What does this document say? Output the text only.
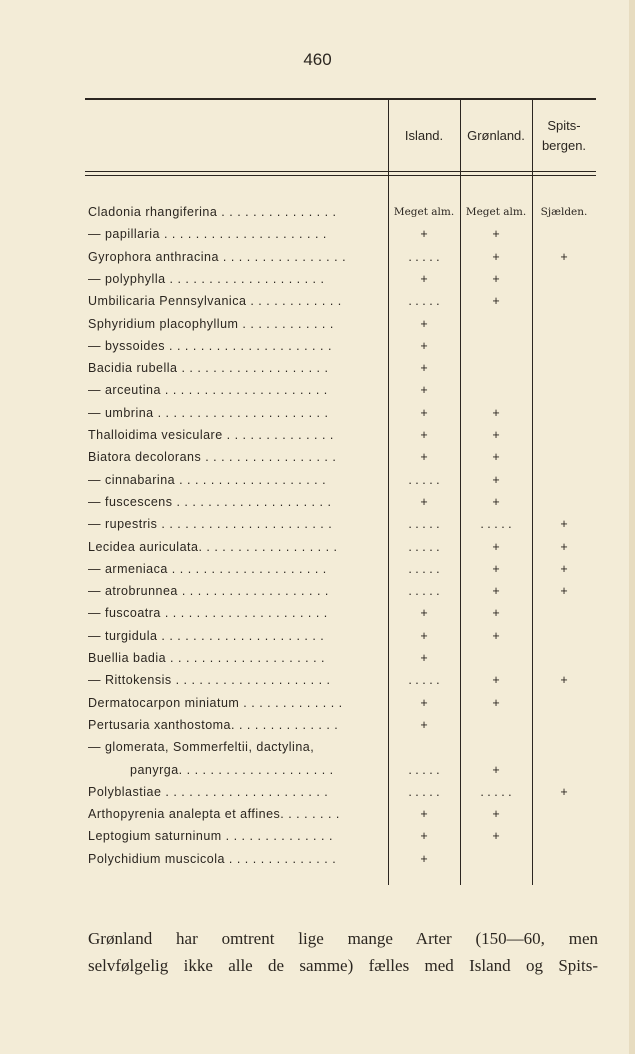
460
Island.	Grønland.
Spits-
bergen.
Cladonia rhangiferina . . . . . . . . . . . . . . .	Meget alm.	Meget alm.	Sjælden.
— papillaria . . . . . . . . . . . . . . . . . . . . .	+	+
Gyrophora anthracina . . . . . . . . . . . . . . . .	. . . . .	+	+
— polyphylla . . . . . . . . . . . . . . . . . . . .	+	+
Umbilicaria Pennsylvanica . . . . . . . . . . . .	. . . . .	+
Sphyridium placophyllum . . . . . . . . . . . .	+
— byssoides . . . . . . . . . . . . . . . . . . . . .	+
Bacidia rubella . . . . . . . . . . . . . . . . . . .	+
— arceutina . . . . . . . . . . . . . . . . . . . . .	+
— umbrina . . . . . . . . . . . . . . . . . . . . . .	+	+
Thalloidima vesiculare . . . . . . . . . . . . . .	+	+
Biatora decolorans . . . . . . . . . . . . . . . . .	+	+
— cinnabarina . . . . . . . . . . . . . . . . . . .	. . . . .	+
— fuscescens . . . . . . . . . . . . . . . . . . . .	+	+
— rupestris . . . . . . . . . . . . . . . . . . . . . .	. . . . .	. . . . .	+
Lecidea auriculata. . . . . . . . . . . . . . . . . .	. . . . .	+	+
— armeniaca . . . . . . . . . . . . . . . . . . . .	. . . . .	+	+
— atrobrunnea . . . . . . . . . . . . . . . . . . .	. . . . .	+	+
— fuscoatra . . . . . . . . . . . . . . . . . . . . .	+	+
— turgidula . . . . . . . . . . . . . . . . . . . . .	+	+
Buellia badia . . . . . . . . . . . . . . . . . . . .	+
— Rittokensis . . . . . . . . . . . . . . . . . . . .	. . . . .	+	+
Dermatocarpon miniatum . . . . . . . . . . . . .	+	+
Pertusaria xanthostoma. . . . . . . . . . . . . .	+
— glomerata, Sommerfeltii, dactylina,
panyrga. . . . . . . . . . . . . . . . . . . .	. . . . .	+
Polyblastiae . . . . . . . . . . . . . . . . . . . . .	. . . . .	. . . . .	+
Arthopyrenia analepta et affines. . . . . . . .	+	+
Leptogium saturninum . . . . . . . . . . . . . .	+	+
Polychidium muscicola . . . . . . . . . . . . . .	+

Grønland har omtrent lige mange Arter (150—60, men

selvfølgelig ikke alle de samme) fælles med Island og Spits-
